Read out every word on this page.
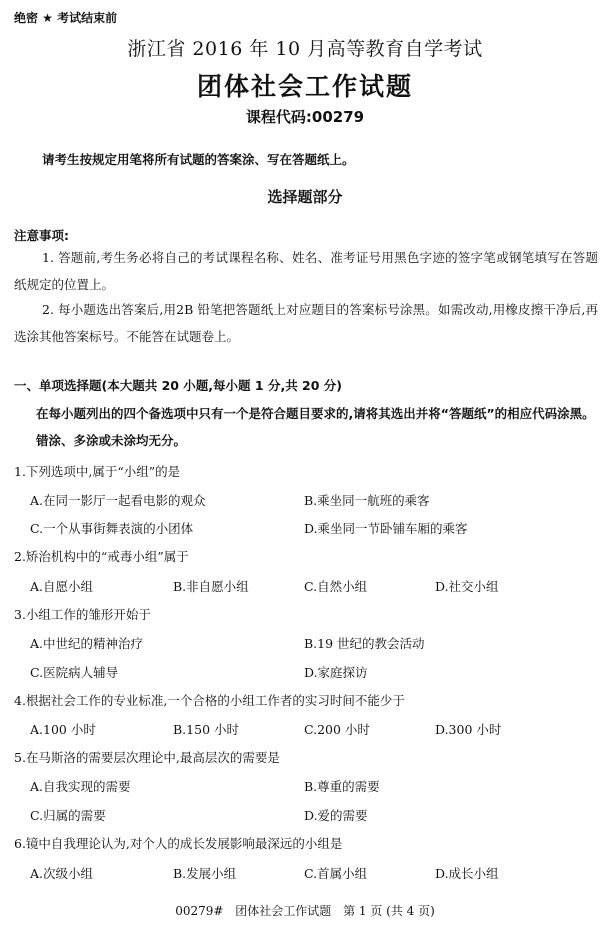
绝密 ★ 考试结束前
浙江省 2016 年 10 月高等教育自学考试
团体社会工作试题
课程代码:00279
请考生按规定用笔将所有试题的答案涂、写在答题纸上。
选择题部分
注意事项:
1. 答题前,考生务必将自己的考试课程名称、姓名、准考证号用黑色字迹的签字笔或钢笔填写在答题纸规定的位置上。
2. 每小题选出答案后,用2B 铅笔把答题纸上对应题目的答案标号涂黑。如需改动,用橡皮擦干净后,再选涂其他答案标号。不能答在试题卷上。
一、单项选择题(本大题共 20 小题,每小题 1 分,共 20 分)
在每小题列出的四个备选项中只有一个是符合题目要求的,请将其选出并将“答题纸”的相应代码涂黑。错涂、多涂或未涂均无分。
1.下列选项中,属于“小组”的是
A.在同一影厅一起看电影的观众	B.乘坐同一航班的乘客
C.一个从事街舞表演的小团体	D.乘坐同一节卧铺车厢的乘客
2.矫治机构中的“戒毒小组”属于
A.自愿小组	B.非自愿小组	C.自然小组	D.社交小组
3.小组工作的雏形开始于
A.中世纪的精神治疗	B.19 世纪的教会活动
C.医院病人辅导	D.家庭探访
4.根据社会工作的专业标准,一个合格的小组工作者的实习时间不能少于
A.100 小时	B.150 小时	C.200 小时	D.300 小时
5.在马斯洛的需要层次理论中,最高层次的需要是
A.自我实现的需要	B.尊重的需要
C.归属的需要	D.爱的需要
6.镜中自我理论认为,对个人的成长发展影响最深远的小组是
A.次级小组	B.发展小组	C.首属小组	D.成长小组
00279# 团体社会工作试题 第 1 页 (共 4 页)
